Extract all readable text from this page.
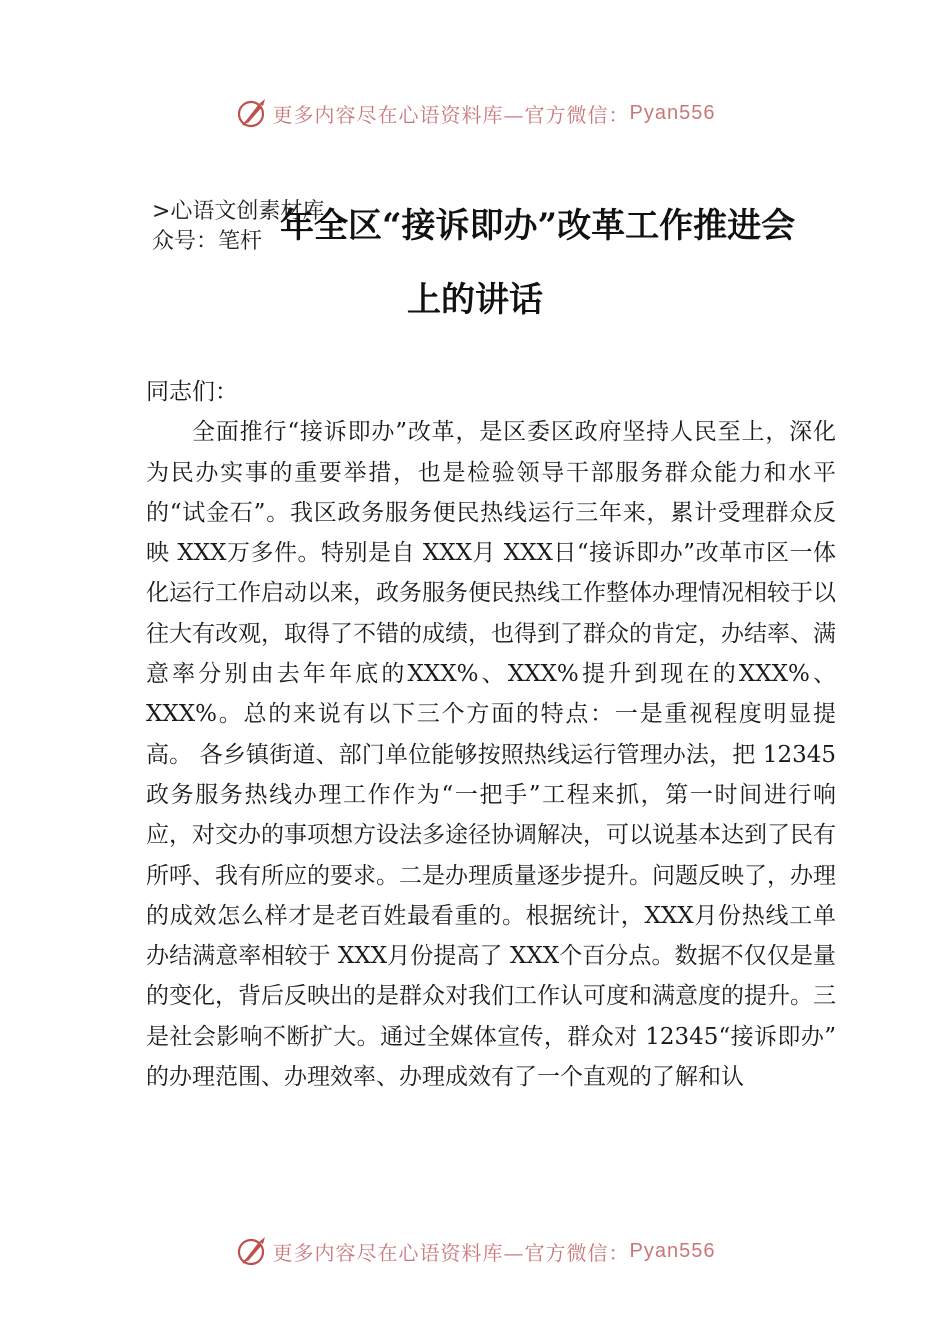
更多内容尽在心语资料库—官方微信： Pyan556
>心语文创素材库
众号：笔杆 年全区“接诉即办”改革工作推进会
上的讲话

同志们：

全面推行“接诉即办”改革，是区委区政府坚持人民至上，深化为民办实事的重要举措，也是检验领导干部服务群众能力和水平的“试金石”。我区政务服务便民热线运行三年来，累计受理群众反映 XXX万多件。特别是自 XXX月 XXX日“接诉即办”改革市区一体化运行工作启动以来，政务服务便民热线工作整体办理情况相较于以往大有改观，取得了不错的成绩，也得到了群众的肯定，办结率、满意率分别由去年年底的XXX%、XXX%提升到现在的XXX%、XXX%。总的来说有以下三个方面的特点：一是重视程度明显提高。 各乡镇街道、部门单位能够按照热线运行管理办法，把 12345政务服务热线办理工作作为“一把手”工程来抓，第一时间进行响应，对交办的事项想方设法多途径协调解决，可以说基本达到了民有所呼、我有所应的要求。二是办理质量逐步提升。问题反映了，办理的成效怎么样才是老百姓最看重的。根据统计，XXX月份热线工单办结满意率相较于 XXX月份提高了 XXX个百分点。数据不仅仅是量的变化，背后反映出的是群众对我们工作认可度和满意度的提升。三是社会影响不断扩大。通过全媒体宣传，群众对 12345“接诉即办” 的办理范围、办理效率、办理成效有了一个直观的了解和认

更多内容尽在心语资料库—官方微信： Pyan556
